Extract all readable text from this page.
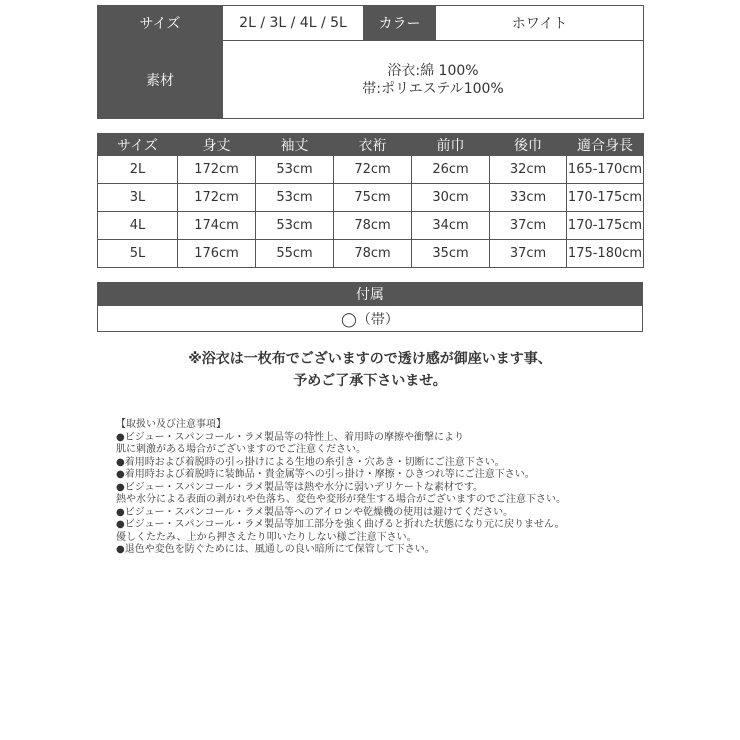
サイズ	2L / 3L / 4L / 5L	カラー	ホワイト
素材	浴衣:綿 100%
帯:ポリエステル100%		
サイズ	身丈	袖丈	衣裄	前巾	後巾	適合身長
2L	172cm	53cm	72cm	26cm	32cm	165-170cm
3L	172cm	53cm	75cm	30cm	33cm	170-175cm
4L	174cm	53cm	78cm	34cm	37cm	170-175cm
5L	176cm	55cm	78cm	35cm	37cm	175-180cm
付属
◯（帯）
※浴衣は一枚布でございますので透け感が御座います事、
予めご了承下さいませ。
【取扱い及び注意事項】
●ビジュー・スパンコール・ラメ製品等の特性上、着用時の摩擦や衝撃により
肌に刺激がある場合がございますのでご注意ください。
●着用時および着脱時の引っ掛けによる生地の糸引き・穴あき・切断にご注意下さい。
●着用時および着脱時に装飾品・貴金属等への引っ掛け・摩擦・ひきつれ等にご注意下さい。
●ビジュー・スパンコール・ラメ製品等は熱や水分に弱いデリケートな素材です。
熱や水分による表面の剥がれや色落ち、変色や変形が発生する場合がございますのでご注意下さい。
●ビジュー・スパンコール・ラメ製品等へのアイロンや乾燥機の使用は避けてください。
●ビジュー・スパンコール・ラメ製品等加工部分を強く曲げると折れた状態になり元に戻りません。
優しくたたみ、上から押さえたり叩いたりしない様ご注意下さい。
●退色や変色を防ぐためには、風通しの良い暗所にて保管して下さい。
